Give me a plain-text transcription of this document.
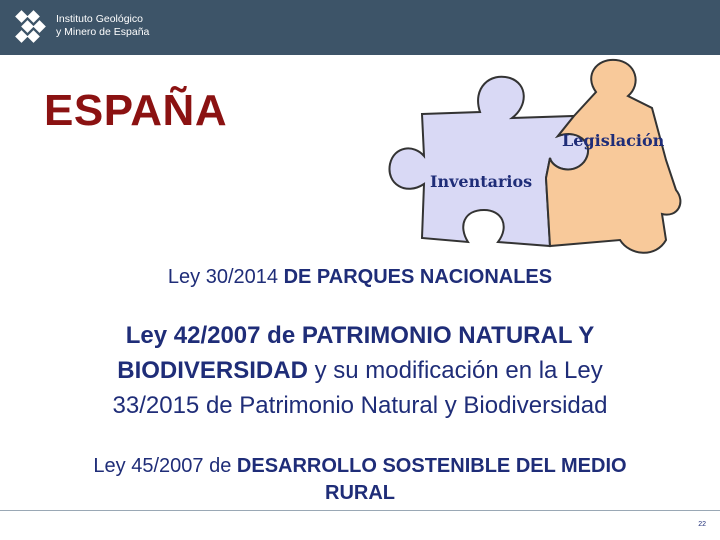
Instituto Geológico
y Minero de España
ESPAÑA
Legislación
Inventarios
Ley 30/2014 DE PARQUES NACIONALES
Ley 42/2007 de PATRIMONIO NATURAL Y
BIODIVERSIDAD y su modificación en la Ley
33/2015 de Patrimonio Natural y Biodiversidad
Ley 45/2007 de DESARROLLO SOSTENIBLE DEL MEDIO
RURAL
22
